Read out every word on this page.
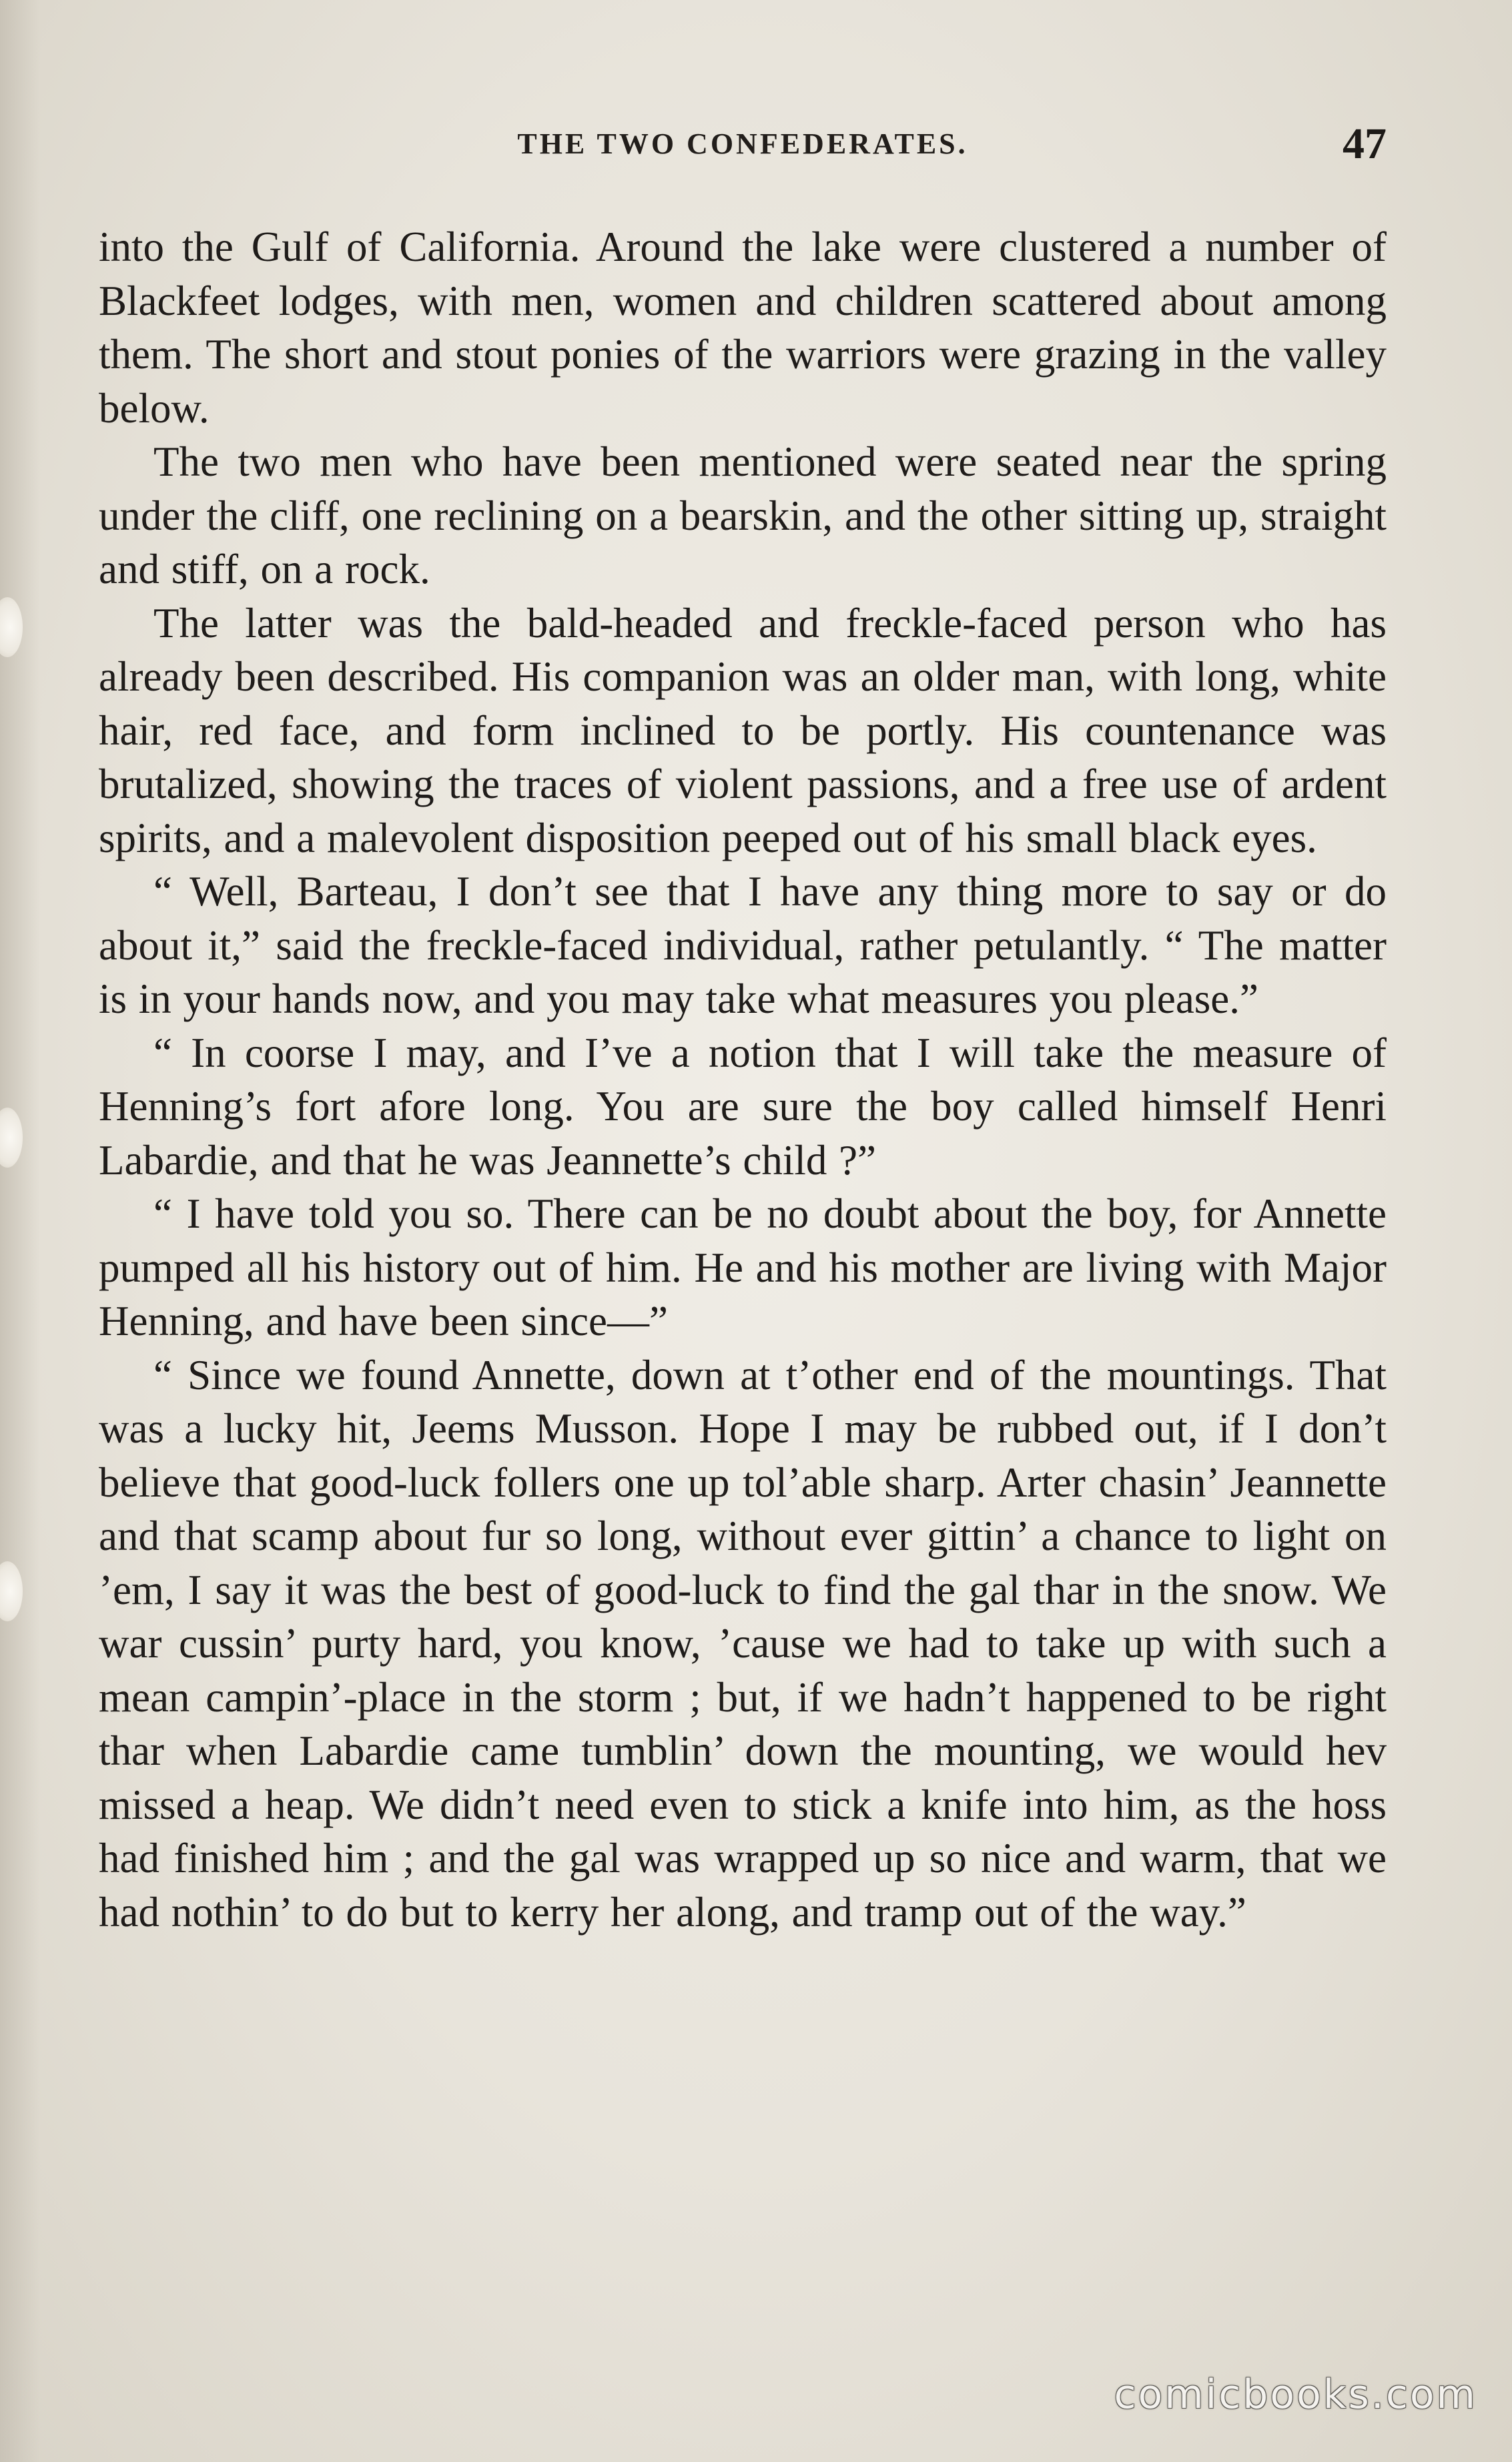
THE TWO CONFEDERATES.	47

into the Gulf of California. Around the lake were clustered a number of Blackfeet lodges, with men, women and children scattered about among them. The short and stout ponies of the warriors were grazing in the valley below.

The two men who have been mentioned were seated near the spring under the cliff, one reclining on a bearskin, and the other sitting up, straight and stiff, on a rock.

The latter was the bald-headed and freckle-faced person who has already been described. His companion was an older man, with long, white hair, red face, and form inclined to be portly. His countenance was brutalized, showing the traces of violent passions, and a free use of ardent spirits, and a malevolent disposition peeped out of his small black eyes.

“ Well, Barteau, I don’t see that I have any thing more to say or do about it,” said the freckle-faced individual, rather petulantly. “ The matter is in your hands now, and you may take what measures you please.”

“ In coorse I may, and I’ve a notion that I will take the measure of Henning’s fort afore long. You are sure the boy called himself Henri Labardie, and that he was Jeannette’s child ?”

“ I have told you so. There can be no doubt about the boy, for Annette pumped all his history out of him. He and his mother are living with Major Henning, and have been since—”

“ Since we found Annette, down at t’other end of the mountings. That was a lucky hit, Jeems Musson. Hope I may be rubbed out, if I don’t believe that good-luck follers one up tol’able sharp. Arter chasin’ Jeannette and that scamp about fur so long, without ever gittin’ a chance to light on ’em, I say it was the best of good-luck to find the gal thar in the snow. We war cussin’ purty hard, you know, ’cause we had to take up with such a mean campin’-place in the storm ; but, if we hadn’t happened to be right thar when Labardie came tumblin’ down the mounting, we would hev missed a heap. We didn’t need even to stick a knife into him, as the hoss had finished him ; and the gal was wrapped up so nice and warm, that we had nothin’ to do but to kerry her along, and tramp out of the way.”

comicbooks.com
